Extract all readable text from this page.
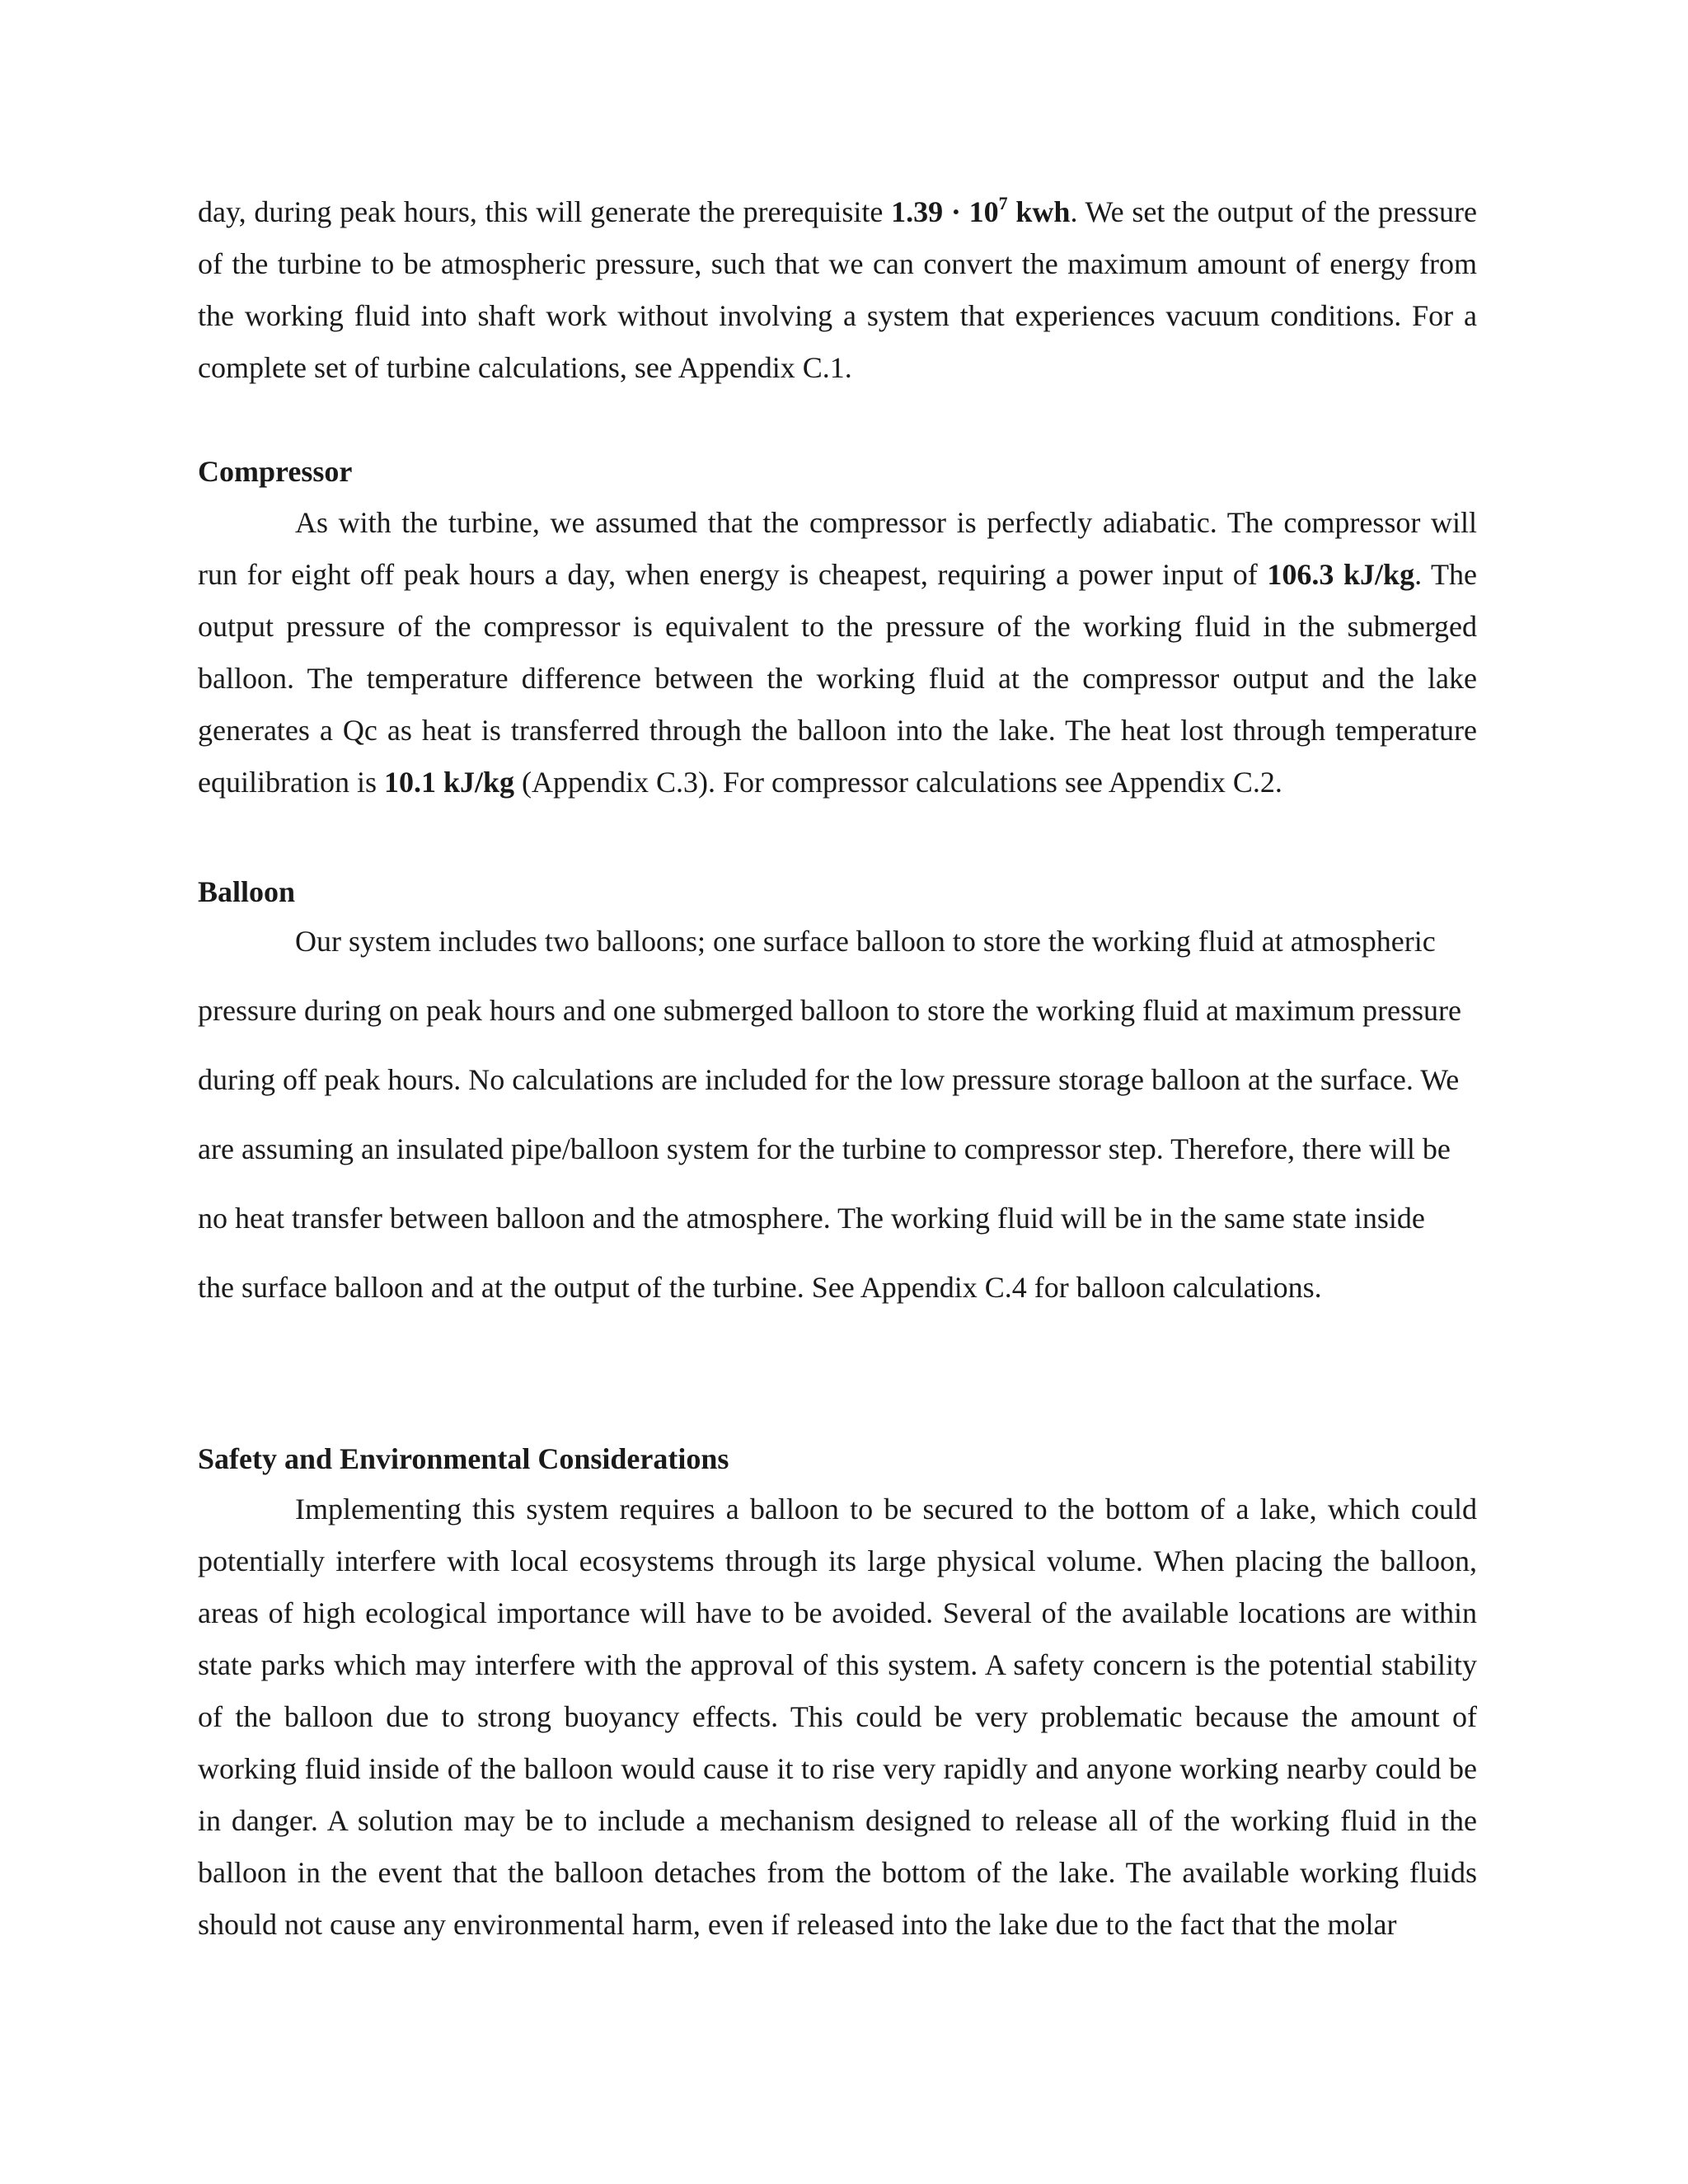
day, during peak hours, this will generate the prerequisite $1.39 \cdot 10^7$ kwh. We set the output of the pressure of the turbine to be atmospheric pressure, such that we can convert the maximum amount of energy from the working fluid into shaft work without involving a system that experiences vacuum conditions. For a complete set of turbine calculations, see Appendix C.1.

Compressor

As with the turbine, we assumed that the compressor is perfectly adiabatic. The compressor will run for eight off peak hours a day, when energy is cheapest, requiring a power input of 106.3 kJ/kg. The output pressure of the compressor is equivalent to the pressure of the working fluid in the submerged balloon. The temperature difference between the working fluid at the compressor output and the lake generates a Qc as heat is transferred through the balloon into the lake. The heat lost through temperature equilibration is 10.1 kJ/kg (Appendix C.3). For compressor calculations see Appendix C.2.

Balloon

Our system includes two balloons; one surface balloon to store the working fluid at atmospheric pressure during on peak hours and one submerged balloon to store the working fluid at maximum pressure during off peak hours. No calculations are included for the low pressure storage balloon at the surface. We are assuming an insulated pipe/balloon system for the turbine to compressor step. Therefore, there will be no heat transfer between balloon and the atmosphere. The working fluid will be in the same state inside the surface balloon and at the output of the turbine. See Appendix C.4 for balloon calculations.

Safety and Environmental Considerations

Implementing this system requires a balloon to be secured to the bottom of a lake, which could potentially interfere with local ecosystems through its large physical volume. When placing the balloon, areas of high ecological importance will have to be avoided. Several of the available locations are within state parks which may interfere with the approval of this system. A safety concern is the potential stability of the balloon due to strong buoyancy effects. This could be very problematic because the amount of working fluid inside of the balloon would cause it to rise very rapidly and anyone working nearby could be in danger. A solution may be to include a mechanism designed to release all of the working fluid in the balloon in the event that the balloon detaches from the bottom of the lake. The available working fluids should not cause any environmental harm, even if released into the lake due to the fact that the molar
